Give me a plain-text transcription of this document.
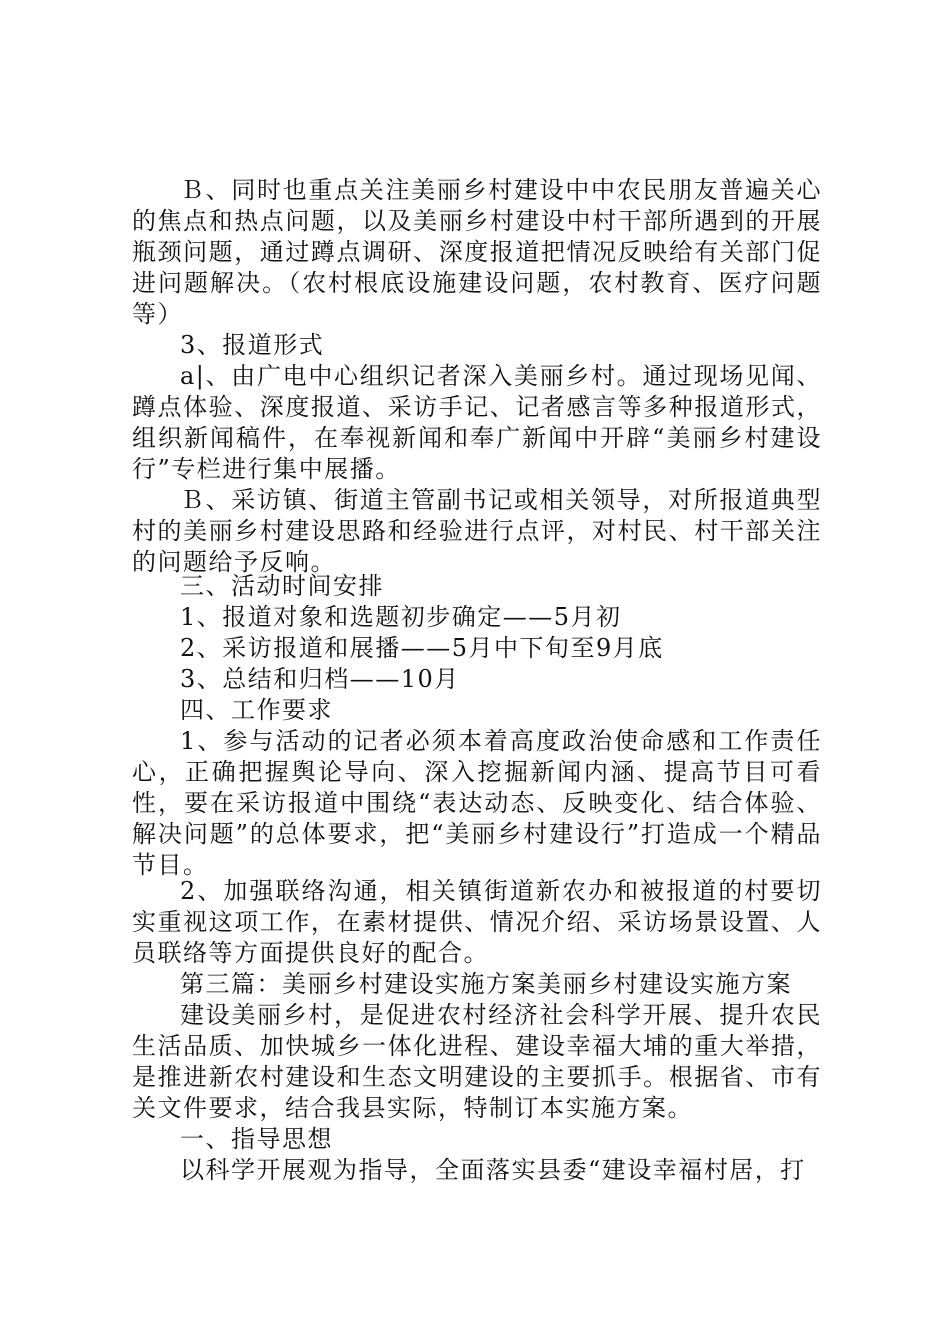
Ｂ、同时也重点关注美丽乡村建设中中农民朋友普遍关心的焦点和热点问题，以及美丽乡村建设中村干部所遇到的开展瓶颈问题，通过蹲点调研、深度报道把情况反映给有关部门促进问题解决。（农村根底设施建设问题，农村教育、医疗问题等）
3、报道形式
a|、由广电中心组织记者深入美丽乡村。通过现场见闻、蹲点体验、深度报道、采访手记、记者感言等多种报道形式，组织新闻稿件，在奉视新闻和奉广新闻中开辟“美丽乡村建设行”专栏进行集中展播。
Ｂ、采访镇、街道主管副书记或相关领导，对所报道典型村的美丽乡村建设思路和经验进行点评，对村民、村干部关注的问题给予反响。
三、活动时间安排
1、报道对象和选题初步确定——5月初
2、采访报道和展播——5月中下旬至9月底
3、总结和归档——10月
四、工作要求
1、参与活动的记者必须本着高度政治使命感和工作责任心，正确把握舆论导向、深入挖掘新闻内涵、提高节目可看性，要在采访报道中围绕“表达动态、反映变化、结合体验、解决问题”的总体要求，把“美丽乡村建设行”打造成一个精品节目。
2、加强联络沟通，相关镇街道新农办和被报道的村要切实重视这项工作，在素材提供、情况介绍、采访场景设置、人员联络等方面提供良好的配合。
第三篇：美丽乡村建设实施方案美丽乡村建设实施方案
建设美丽乡村，是促进农村经济社会科学开展、提升农民生活品质、加快城乡一体化进程、建设幸福大埔的重大举措，是推进新农村建设和生态文明建设的主要抓手。根据省、市有关文件要求，结合我县实际，特制订本实施方案。
一、指导思想
以科学开展观为指导，全面落实县委“建设幸福村居，打
